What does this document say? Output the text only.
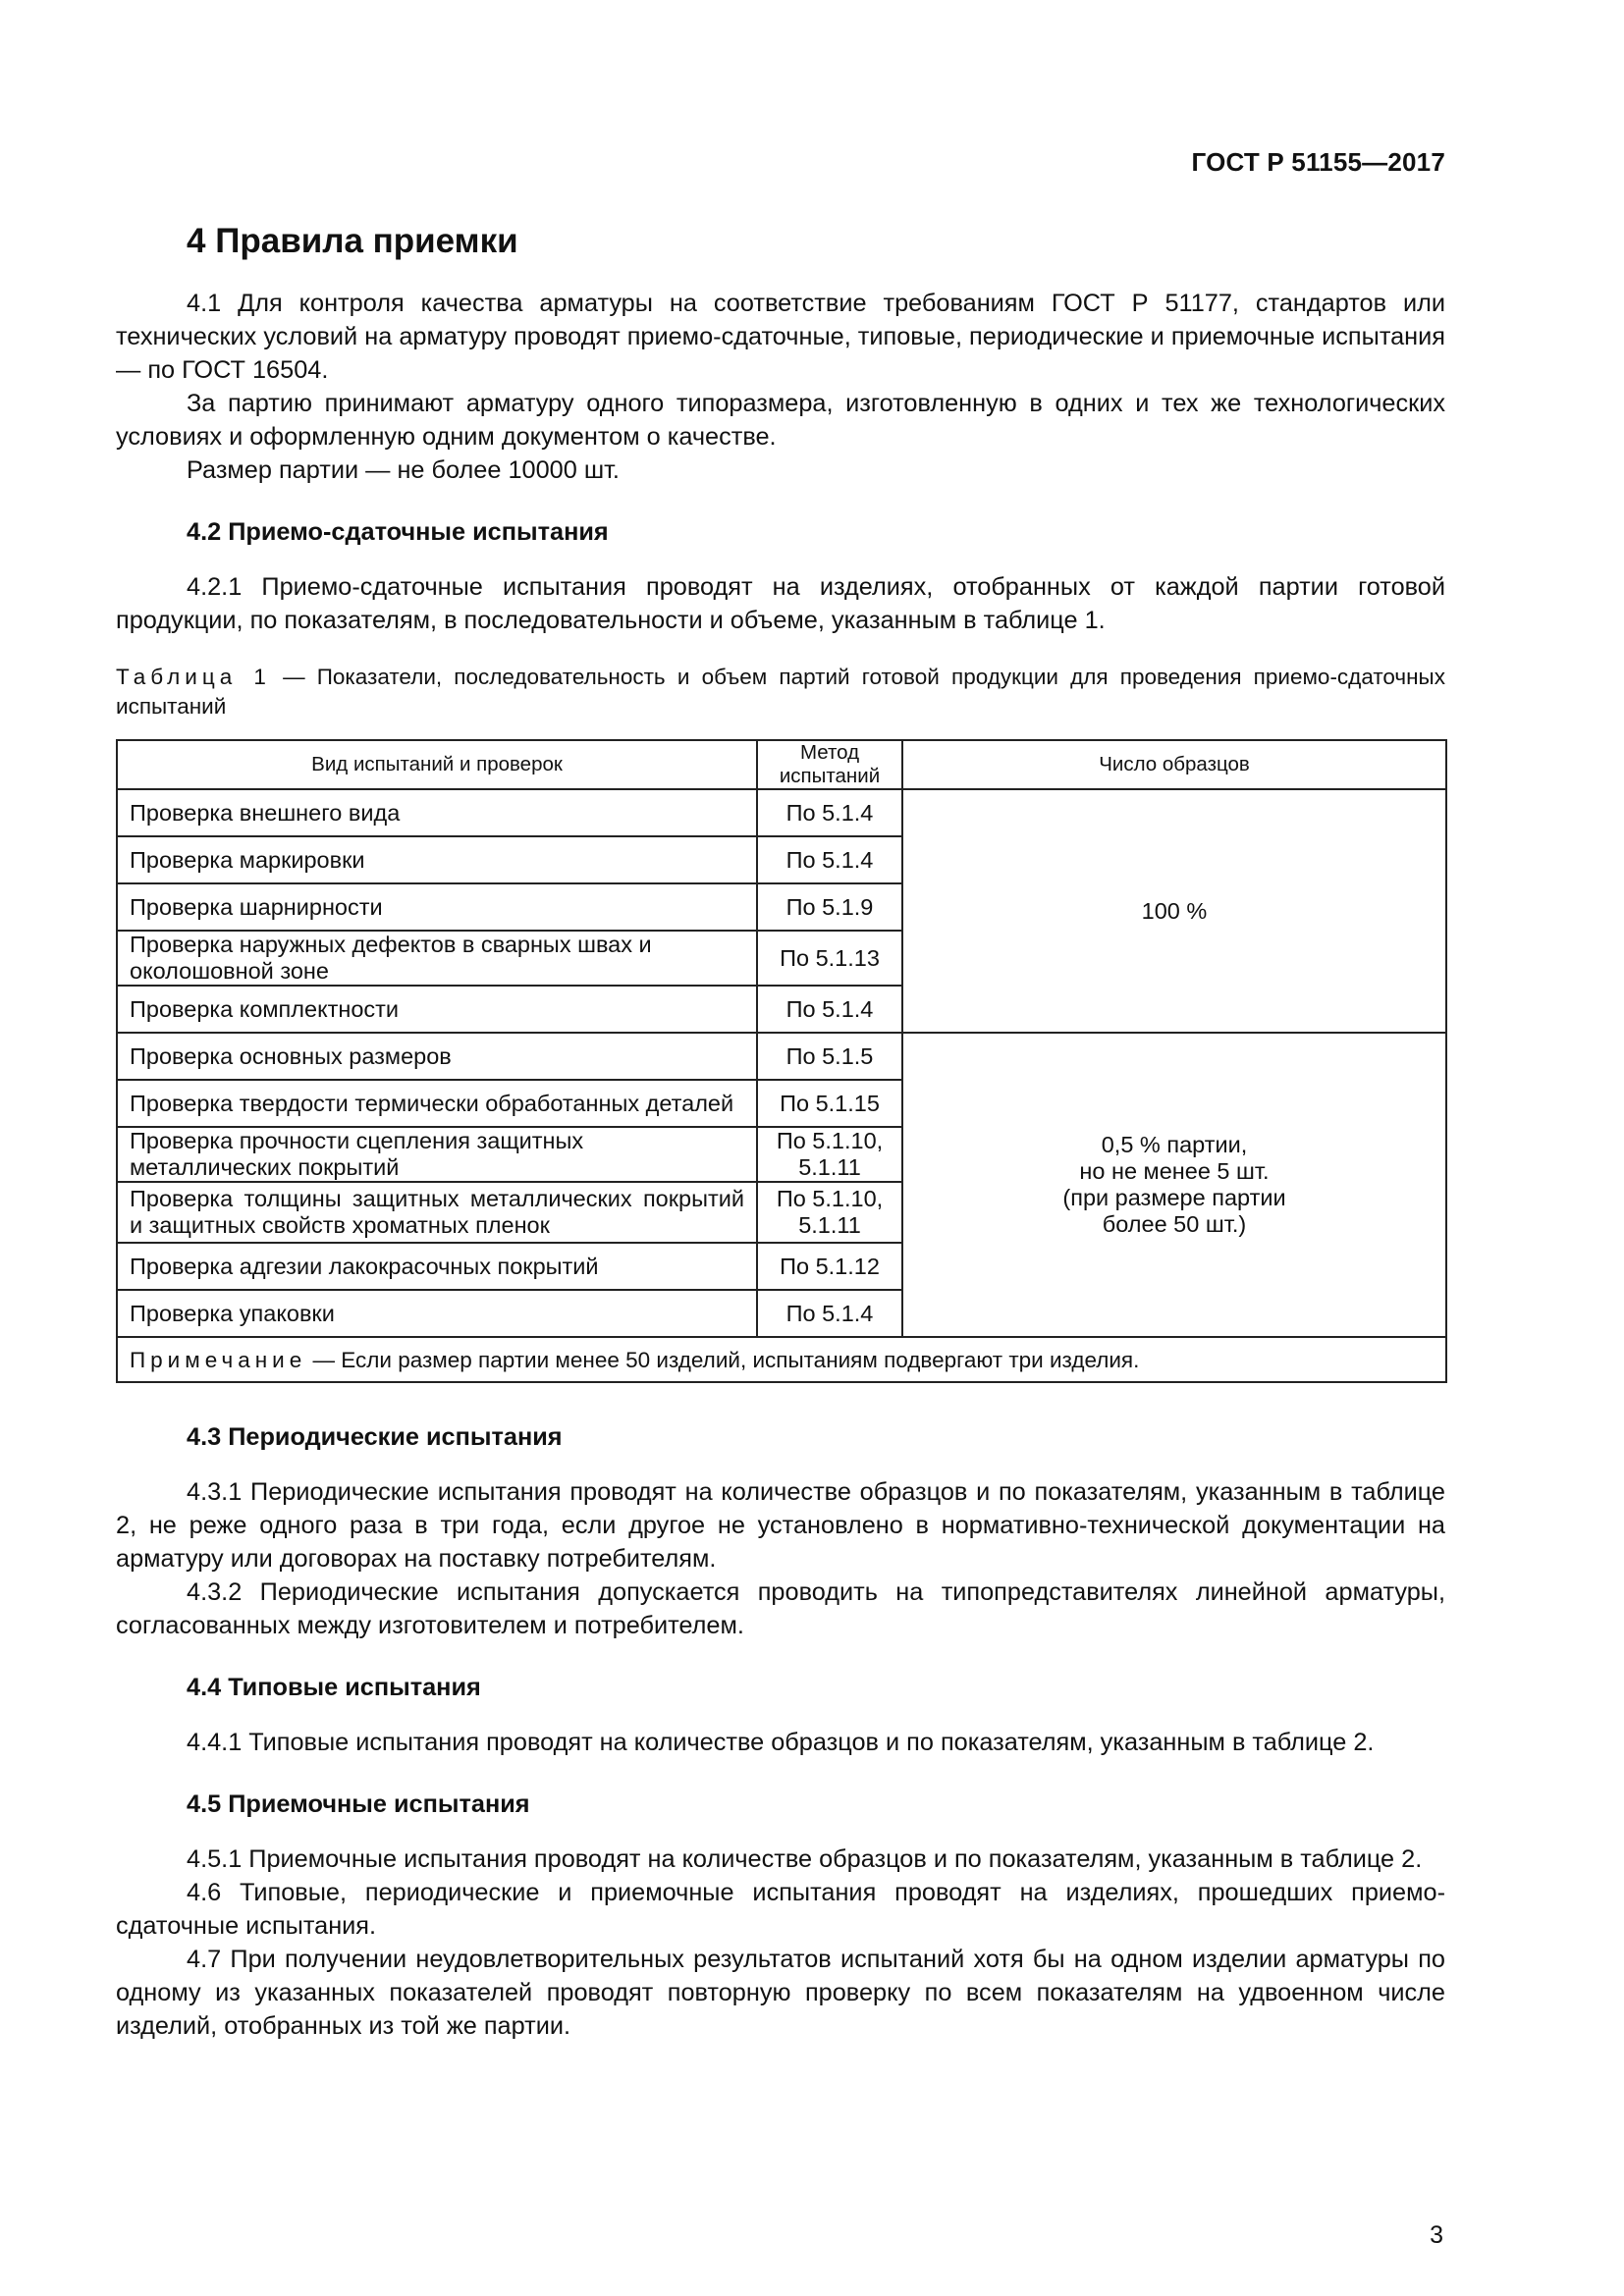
ГОСТ Р 51155—2017
4 Правила приемки

4.1 Для контроля качества арматуры на соответствие требованиям ГОСТ Р 51177, стандартов или технических условий на арматуру проводят приемо-сдаточные, типовые, периодические и приемочные испытания — по ГОСТ 16504.

За партию принимают арматуру одного типоразмера, изготовленную в одних и тех же технологических условиях и оформленную одним документом о качестве.

Размер партии — не более 10000 шт.

4.2 Приемо-сдаточные испытания

4.2.1 Приемо-сдаточные испытания проводят на изделиях, отобранных от каждой партии готовой продукции, по показателям, в последовательности и объеме, указанным в таблице 1.

Таблица 1 — Показатели, последовательность и объем партий готовой продукции для проведения приемо-сдаточных испытаний
Вид испытаний и проверок	Метод испытаний	Число образцов
Проверка внешнего вида	По 5.1.4	100 %
Проверка маркировки	По 5.1.4	
Проверка шарнирности	По 5.1.9	
Проверка наружных дефектов в сварных швах и околошовной зоне	По 5.1.13	
Проверка комплектности	По 5.1.4	
Проверка основных размеров	По 5.1.5	0,5 % партии,
но не менее 5 шт.
(при размере партии
более 50 шт.)

Проверка твердости термически обработанных деталей	По 5.1.15	
Проверка прочности сцепления защитных металлических покрытий	По 5.1.10, 5.1.11	
Проверка толщины защитных металлических покрытий и защитных свойств хроматных пленок	По 5.1.10, 5.1.11	
Проверка адгезии лакокрасочных покрытий	По 5.1.12	
Проверка упаковки	По 5.1.4	
Примечание — Если размер партии менее 50 изделий, испытаниям подвергают три изделия.		
4.3 Периодические испытания

4.3.1 Периодические испытания проводят на количестве образцов и по показателям, указанным в таблице 2, не реже одного раза в три года, если другое не установлено в нормативно-технической документации на арматуру или договорах на поставку потребителям.

4.3.2 Периодические испытания допускается проводить на типопредставителях линейной арматуры, согласованных между изготовителем и потребителем.

4.4 Типовые испытания

4.4.1 Типовые испытания проводят на количестве образцов и по показателям, указанным в таблице 2.

4.5 Приемочные испытания

4.5.1 Приемочные испытания проводят на количестве образцов и по показателям, указанным в таблице 2.

4.6 Типовые, периодические и приемочные испытания проводят на изделиях, прошедших приемо-сдаточные испытания.

4.7 При получении неудовлетворительных результатов испытаний хотя бы на одном изделии арматуры по одному из указанных показателей проводят повторную проверку по всем показателям на удвоенном числе изделий, отобранных из той же партии.

3
